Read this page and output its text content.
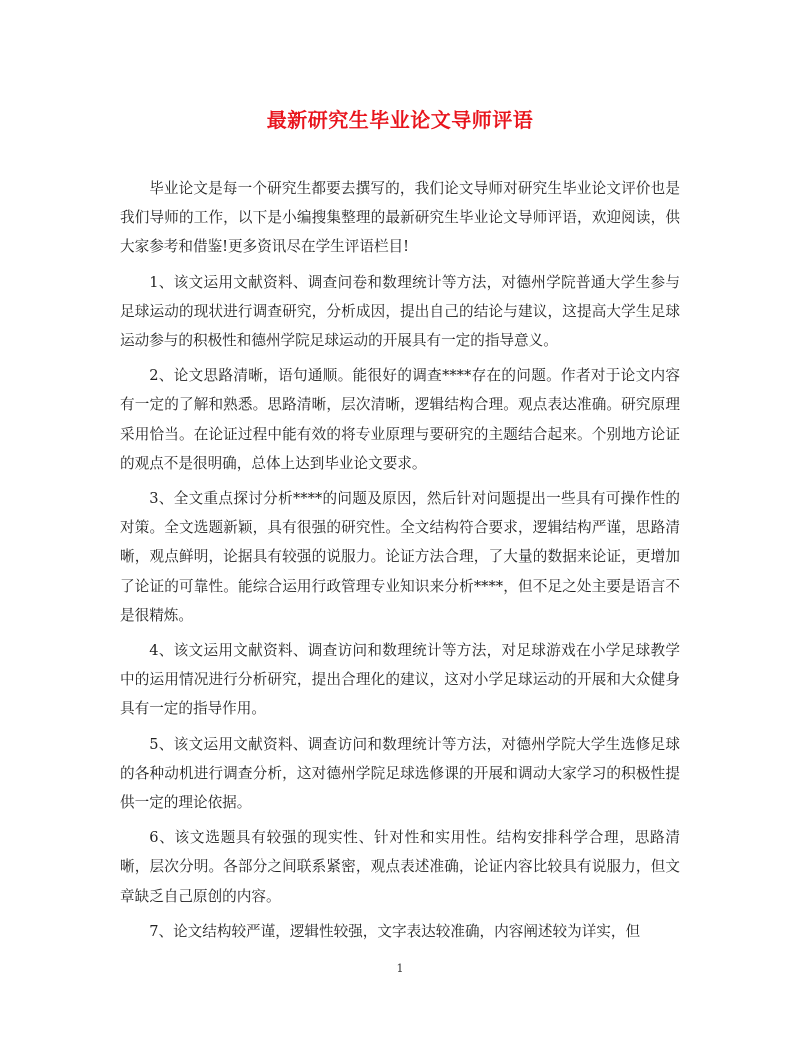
最新研究生毕业论文导师评语

毕业论文是每一个研究生都要去撰写的，我们论文导师对研究生毕业论文评价也是我们导师的工作，以下是小编搜集整理的最新研究生毕业论文导师评语，欢迎阅读，供大家参考和借鉴!更多资讯尽在学生评语栏目!

1、该文运用文献资料、调查问卷和数理统计等方法，对德州学院普通大学生参与足球运动的现状进行调查研究，分析成因，提出自己的结论与建议，这提高大学生足球运动参与的积极性和德州学院足球运动的开展具有一定的指导意义。

2、论文思路清晰，语句通顺。能很好的调查****存在的问题。作者对于论文内容有一定的了解和熟悉。思路清晰，层次清晰，逻辑结构合理。观点表达准确。研究原理采用恰当。在论证过程中能有效的将专业原理与要研究的主题结合起来。个别地方论证的观点不是很明确，总体上达到毕业论文要求。

3、全文重点探讨分析****的问题及原因，然后针对问题提出一些具有可操作性的对策。全文选题新颖，具有很强的研究性。全文结构符合要求，逻辑结构严谨，思路清晰，观点鲜明，论据具有较强的说服力。论证方法合理，了大量的数据来论证，更增加了论证的可靠性。能综合运用行政管理专业知识来分析****，但不足之处主要是语言不是很精炼。

4、该文运用文献资料、调查访问和数理统计等方法，对足球游戏在小学足球教学中的运用情况进行分析研究，提出合理化的建议，这对小学足球运动的开展和大众健身具有一定的指导作用。

5、该文运用文献资料、调查访问和数理统计等方法，对德州学院大学生选修足球的各种动机进行调查分析，这对德州学院足球选修课的开展和调动大家学习的积极性提供一定的理论依据。

6、该文选题具有较强的现实性、针对性和实用性。结构安排科学合理，思路清晰，层次分明。各部分之间联系紧密，观点表述准确，论证内容比较具有说服力，但文章缺乏自己原创的内容。

7、论文结构较严谨，逻辑性较强，文字表达较准确，内容阐述较为详实，但

1
